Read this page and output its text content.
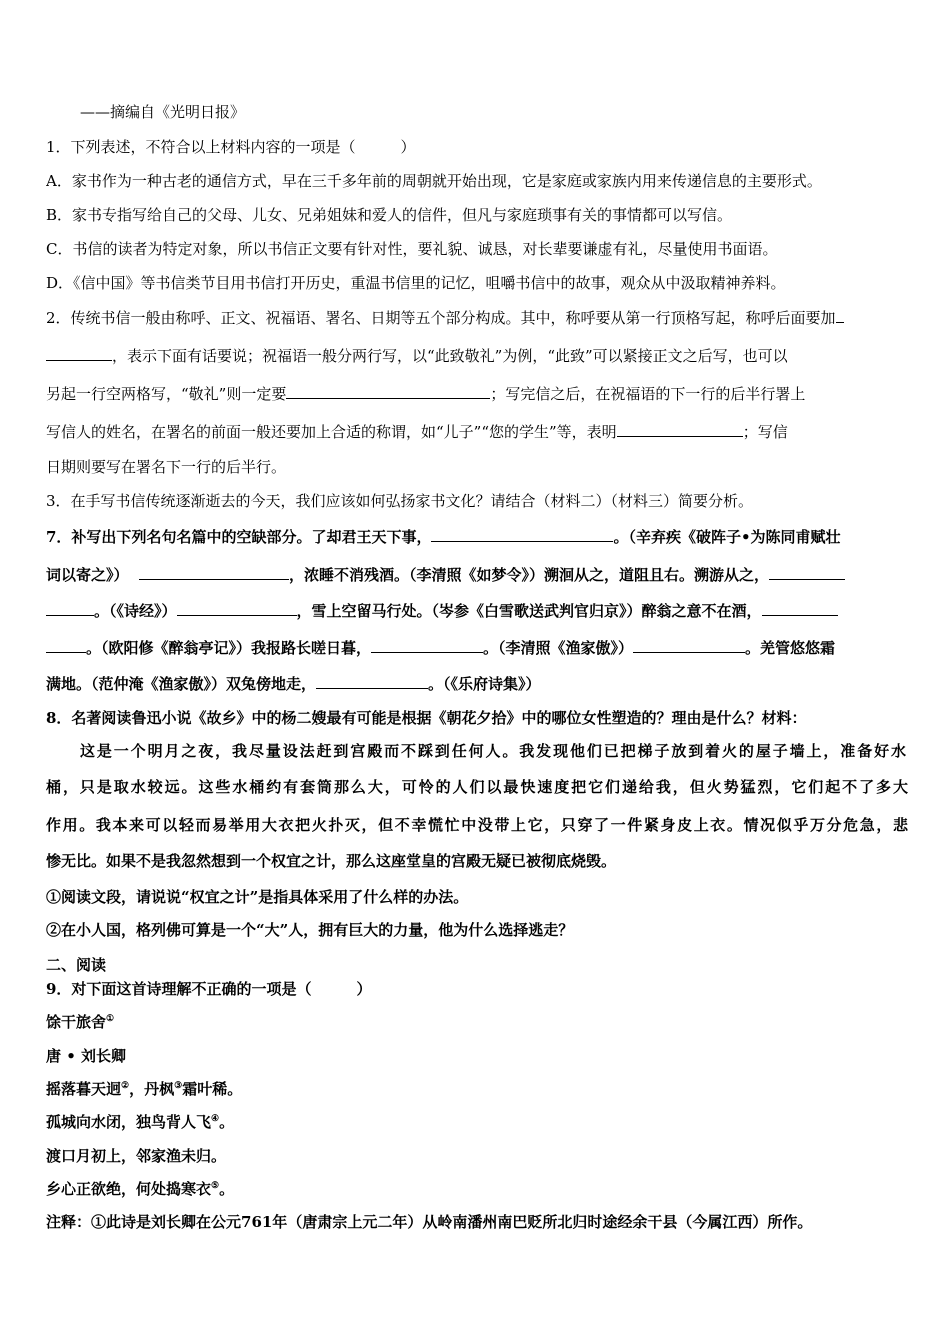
——摘编自《光明日报》
1．下列表述，不符合以上材料内容的一项是（　　　）
A．家书作为一种古老的通信方式，早在三千多年前的周朝就开始出现，它是家庭或家族内用来传递信息的主要形式。
B．家书专指写给自己的父母、儿女、兄弟姐妹和爱人的信件，但凡与家庭琐事有关的事情都可以写信。
C．书信的读者为特定对象，所以书信正文要有针对性，要礼貌、诚恳，对长辈要谦虚有礼，尽量使用书面语。
D．《信中国》等书信类节目用书信打开历史，重温书信里的记忆，咀嚼书信中的故事，观众从中汲取精神养料。
2．传统书信一般由称呼、正文、祝福语、署名、日期等五个部分构成。其中，称呼要从第一行顶格写起，称呼后面要加
，表示下面有话要说；祝福语一般分两行写，以“此致敬礼”为例，“此致”可以紧接正文之后写，也可以
另起一行空两格写，“敬礼”则一定要	；写完信之后，在祝福语的下一行的后半行署上
写信人的姓名，在署名的前面一般还要加上合适的称谓，如“儿子”“您的学生”等，表明	；写信
日期则要写在署名下一行的后半行。
3．在手写书信传统逐渐逝去的今天，我们应该如何弘扬家书文化？请结合（材料二）（材料三）简要分析。
7．补写出下列名句名篇中的空缺部分。了却君王天下事，	。（辛弃疾《破阵子•为陈同甫赋壮
词以寄之》）	，浓睡不消残酒。（李清照《如梦令》）溯洄从之，道阻且右。溯游从之，
。（《诗经》）	，雪上空留马行处。（岑参《白雪歌送武判官归京》）醉翁之意不在酒，
。（欧阳修《醉翁亭记》）我报路长嗟日暮，	。（李清照《渔家傲》）	。羌管悠悠霜
满地。（范仲淹《渔家傲》）双兔傍地走，	。（《乐府诗集》）
8．名著阅读鲁迅小说《故乡》中的杨二嫂最有可能是根据《朝花夕拾》中的哪位女性塑造的？理由是什么？材料：
这是一个明月之夜，我尽量设法赶到宫殿而不踩到任何人。我发现他们已把梯子放到着火的屋子墙上，准备好水
桶，只是取水较远。这些水桶约有套筒那么大，可怜的人们以最快速度把它们递给我，但火势猛烈，它们起不了多大
作用。我本来可以轻而易举用大衣把火扑灭，但不幸慌忙中没带上它，只穿了一件紧身皮上衣。情况似乎万分危急，悲
惨无比。如果不是我忽然想到一个权宜之计，那么这座堂皇的宫殿无疑已被彻底烧毁。
①阅读文段，请说说“权宜之计”是指具体采用了什么样的办法。
②在小人国，格列佛可算是一个“大”人，拥有巨大的力量，他为什么选择逃走？
二、阅读
9．对下面这首诗理解不正确的一项是（　　　）
馀干旅舍①
唐 • 刘长卿
摇落暮天迥②，丹枫③霜叶稀。
孤城向水闭，独鸟背人飞④。
渡口月初上，邻家渔未归。
乡心正欲绝，何处捣寒衣⑤。
注释：①此诗是刘长卿在公元761年（唐肃宗上元二年）从岭南潘州南巴贬所北归时途经余干县（今属江西）所作。
